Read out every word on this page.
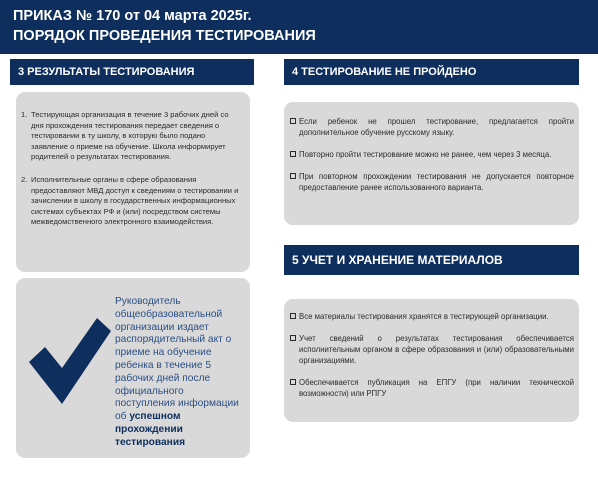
ПРИКАЗ № 170 от 04 марта 2025г.
ПОРЯДОК ПРОВЕДЕНИЯ ТЕСТИРОВАНИЯ
3 РЕЗУЛЬТАТЫ ТЕСТИРОВАНИЯ
1. Тестирующая организация в течение 3 рабочих дней со дня прохождения тестирования передает сведения о тестировании в ту школу, в которую было подано заявление о приеме на обучение. Школа информирует родителей о результатах тестирования.
2. Исполнительные органы в сфере образования предоставляют МВД доступ к сведениям о тестировании и зачислении в школу в государственных информационных системах субъектах РФ и (или) посредством системы межведомственного электронного взаимодействия.
4 ТЕСТИРОВАНИЕ НЕ ПРОЙДЕНО
Если ребенок не прошел тестирование, предлагается пройти дополнительное обучение русскому языку.
Повторно пройти тестирование можно не ранее, чем через 3 месяца.
При повторном прохождении тестирования не допускается повторное предоставление ранее использованного варианта.
5 УЧЕТ И ХРАНЕНИЕ МАТЕРИАЛОВ
Все материалы тестирования хранятся в тестирующей организации.
Учет сведений о результатах тестирования обеспечивается исполнительным органом в сфере образования и (или) образовательными организациями.
Обеспечивается публикация на ЕПГУ (при наличии технической возможности) или РПГУ
Руководитель общеобразовательной организации издает распорядительный акт о приеме на обучение ребенка в течение 5 рабочих дней после официального поступления информации об успешном прохождении тестирования
